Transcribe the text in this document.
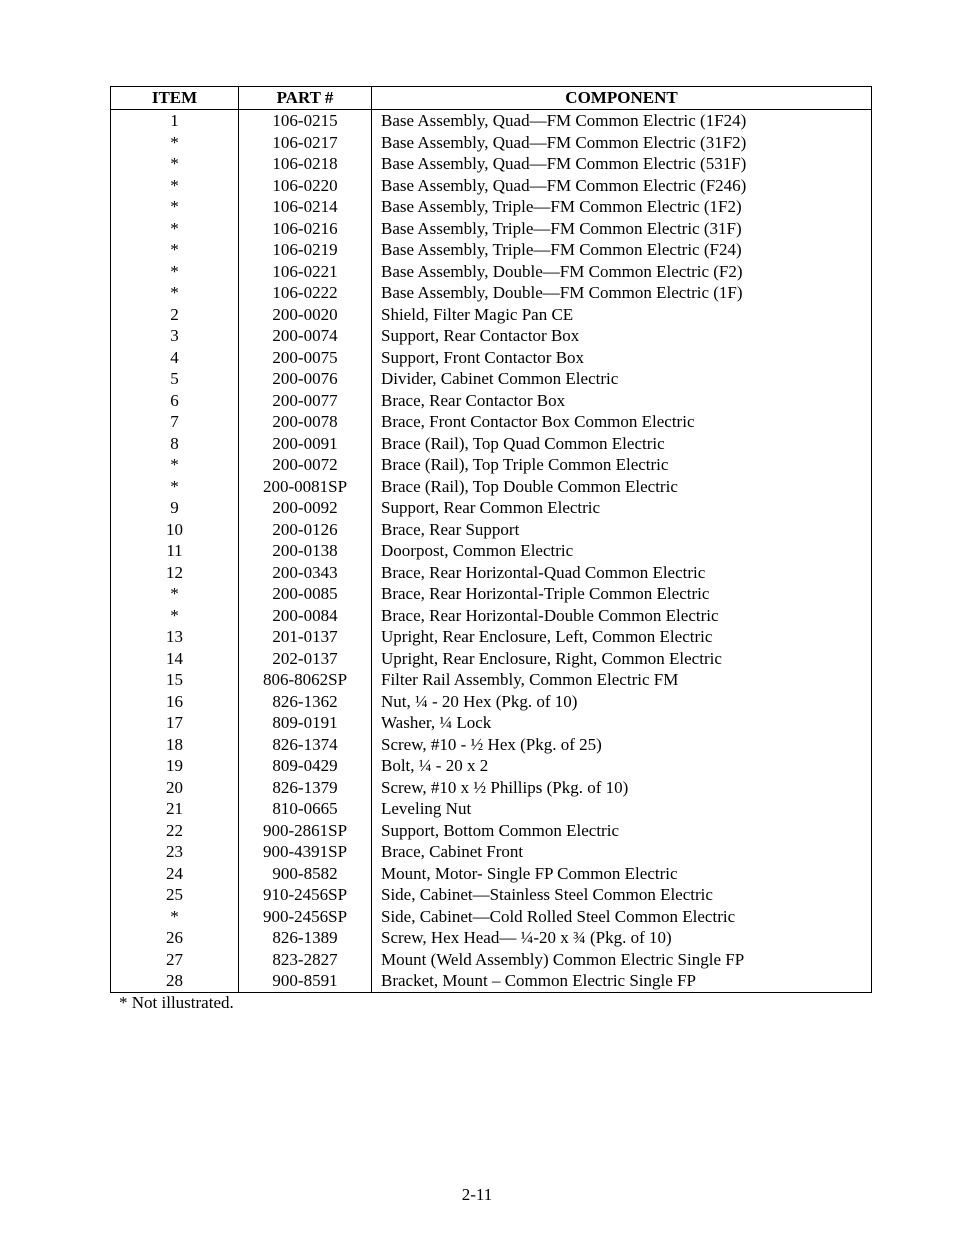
ITEM	PART #	COMPONENT
1	106-0215	Base Assembly, Quad—FM Common Electric (1F24)
*	106-0217	Base Assembly, Quad—FM Common Electric (31F2)
*	106-0218	Base Assembly, Quad—FM Common Electric (531F)
*	106-0220	Base Assembly, Quad—FM Common Electric (F246)
*	106-0214	Base Assembly, Triple—FM Common Electric (1F2)
*	106-0216	Base Assembly, Triple—FM Common Electric (31F)
*	106-0219	Base Assembly, Triple—FM Common Electric (F24)
*	106-0221	Base Assembly, Double—FM Common Electric (F2)
*	106-0222	Base Assembly, Double—FM Common Electric (1F)
2	200-0020	Shield, Filter Magic Pan CE
3	200-0074	Support, Rear Contactor Box
4	200-0075	Support, Front Contactor Box
5	200-0076	Divider, Cabinet Common Electric
6	200-0077	Brace, Rear Contactor Box
7	200-0078	Brace, Front Contactor Box Common Electric
8	200-0091	Brace (Rail), Top Quad Common Electric
*	200-0072	Brace (Rail), Top Triple Common Electric
*	200-0081SP	Brace (Rail), Top Double Common Electric
9	200-0092	Support, Rear Common Electric
10	200-0126	Brace, Rear Support
11	200-0138	Doorpost, Common Electric
12	200-0343	Brace, Rear Horizontal-Quad Common Electric
*	200-0085	Brace, Rear Horizontal-Triple Common Electric
*	200-0084	Brace, Rear Horizontal-Double Common Electric
13	201-0137	Upright, Rear Enclosure, Left, Common Electric
14	202-0137	Upright, Rear Enclosure, Right, Common Electric
15	806-8062SP	Filter Rail Assembly, Common Electric FM
16	826-1362	Nut, ¼ - 20 Hex (Pkg. of 10)
17	809-0191	Washer, ¼ Lock
18	826-1374	Screw, #10 - ½ Hex (Pkg. of 25)
19	809-0429	Bolt, ¼ - 20 x 2
20	826-1379	Screw, #10 x ½ Phillips (Pkg. of 10)
21	810-0665	Leveling Nut
22	900-2861SP	Support, Bottom Common Electric
23	900-4391SP	Brace, Cabinet Front
24	900-8582	Mount, Motor- Single FP Common Electric
25	910-2456SP	Side, Cabinet—Stainless Steel Common Electric
*	900-2456SP	Side, Cabinet—Cold Rolled Steel Common Electric
26	826-1389	Screw, Hex Head— ¼-20 x ¾ (Pkg. of 10)
27	823-2827	Mount (Weld Assembly) Common Electric Single FP
28	900-8591	Bracket, Mount – Common Electric Single FP
* Not illustrated.
2-11
